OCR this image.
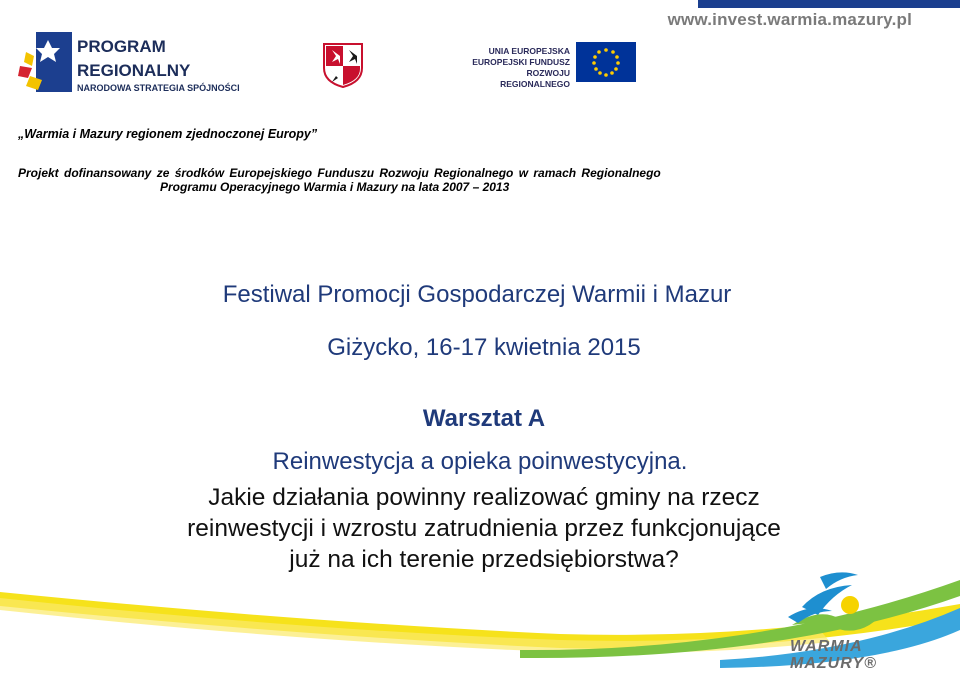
www.invest.warmia.mazury.pl
PROGRAM
REGIONALNY
NARODOWA STRATEGIA SPÓJNOŚCI
UNIA EUROPEJSKA
EUROPEJSKI FUNDUSZ
ROZWOJU REGIONALNEGO
„Warmia i Mazury regionem zjednoczonej Europy”
Projekt dofinansowany ze środków Europejskiego Funduszu Rozwoju Regionalnego w ramach Regionalnego
Programu Operacyjnego Warmia i Mazury na lata 2007 – 2013
Festiwal Promocji Gospodarczej Warmii i Mazur
Giżycko, 16-17 kwietnia 2015
Warsztat A
Reinwestycja a opieka poinwestycyjna.
Jakie działania powinny realizować gminy na rzecz
reinwestycji i wzrostu zatrudnienia przez funkcjonujące
już na ich terenie przedsiębiorstwa?
WARMIA
MAZURY®
